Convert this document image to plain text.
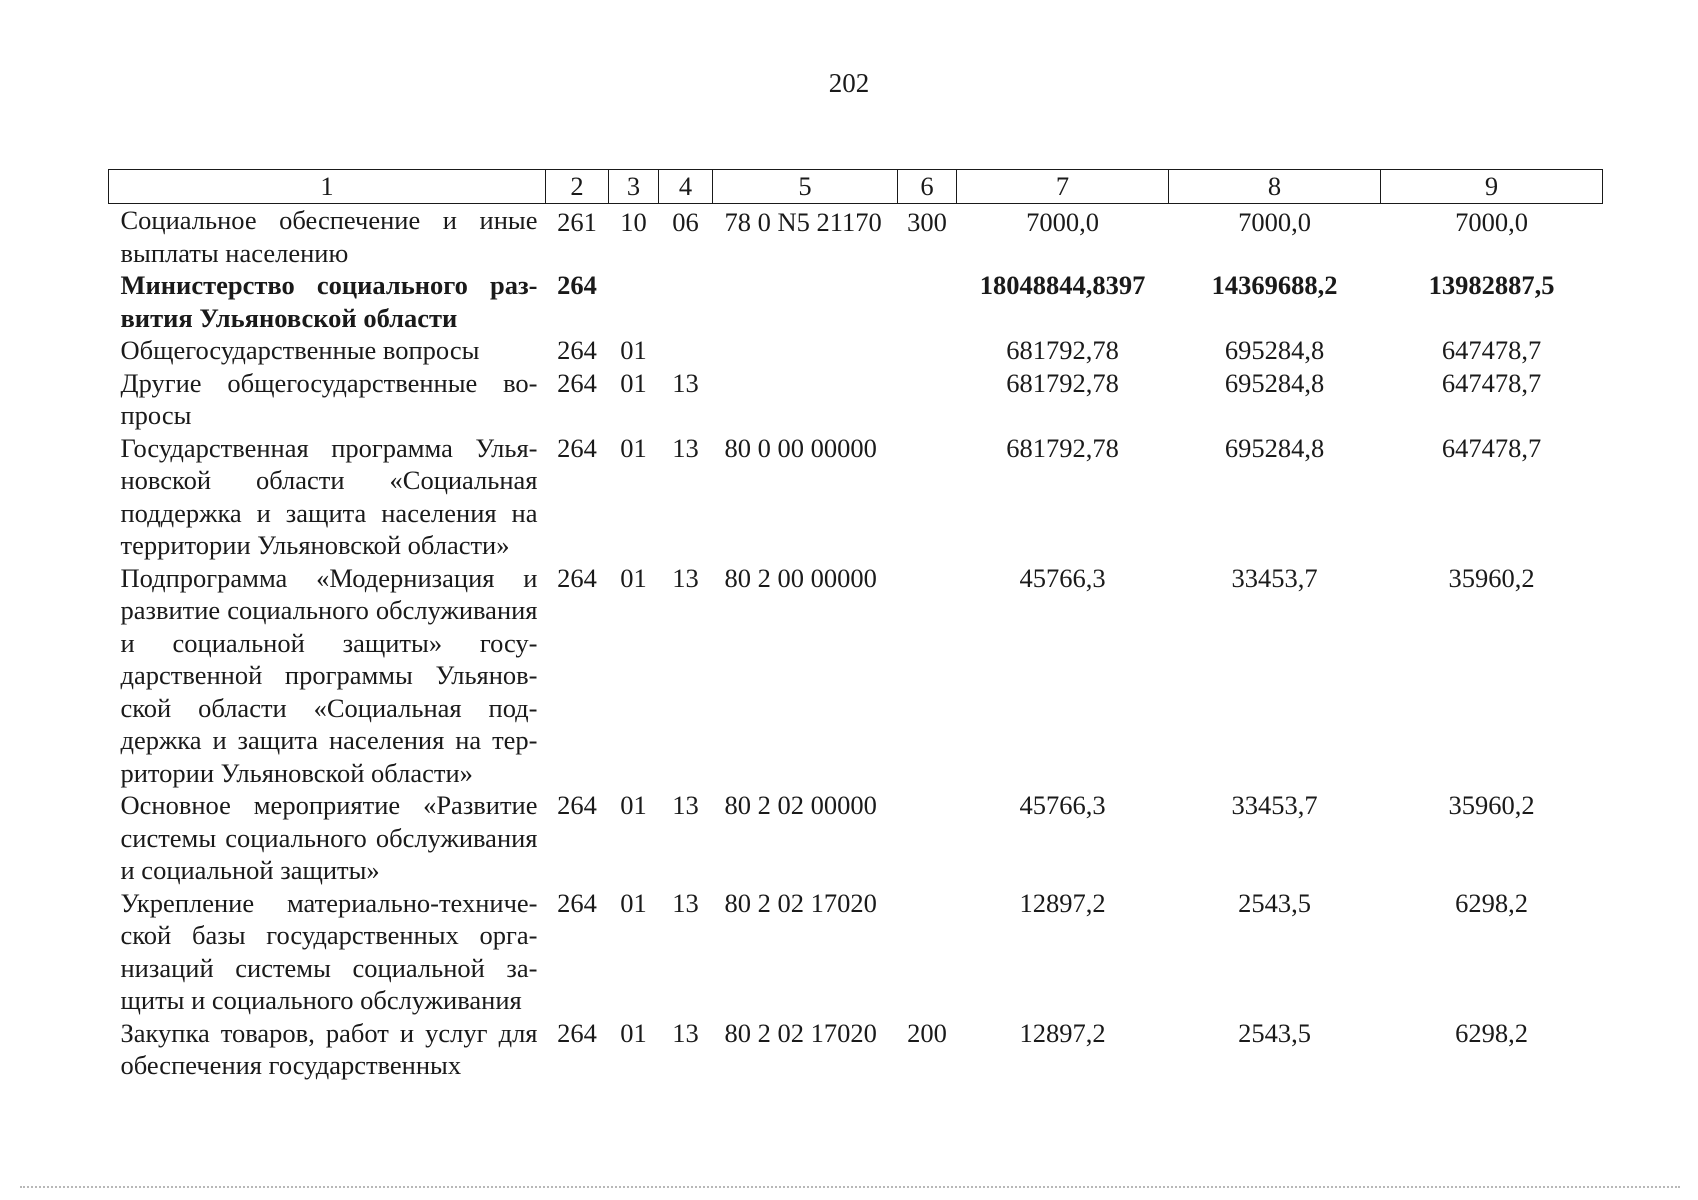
202
1	2	3	4	5	6	7	8	9
Социальное обеспечение и иные выплаты населению	261	10	06	78 0 N5 21170	300	7000,0	7000,0	7000,0
Министерство социального развития Ульяновской области	264					18048844,8397	14369688,2	13982887,5
Общегосударственные вопросы	264	01				681792,78	695284,8	647478,7
Другие общегосударственные вопросы	264	01	13			681792,78	695284,8	647478,7
Государственная программа Ульяновской области «Социальная поддержка и защита населения на территории Ульяновской области»	264	01	13	80 0 00 00000		681792,78	695284,8	647478,7
Подпрограмма «Модернизация и развитие социального обслуживания и социальной защиты» государственной программы Ульяновской области «Социальная поддержка и защита населения на территории Ульяновской области»	264	01	13	80 2 00 00000		45766,3	33453,7	35960,2
Основное мероприятие «Развитие системы социального обслуживания и социальной защиты»	264	01	13	80 2 02 00000		45766,3	33453,7	35960,2
Укрепление материально-технической базы государственных организаций системы социальной защиты и социального обслуживания	264	01	13	80 2 02 17020		12897,2	2543,5	6298,2
Закупка товаров, работ и услуг для обеспечения государственных	264	01	13	80 2 02 17020	200	12897,2	2543,5	6298,2
